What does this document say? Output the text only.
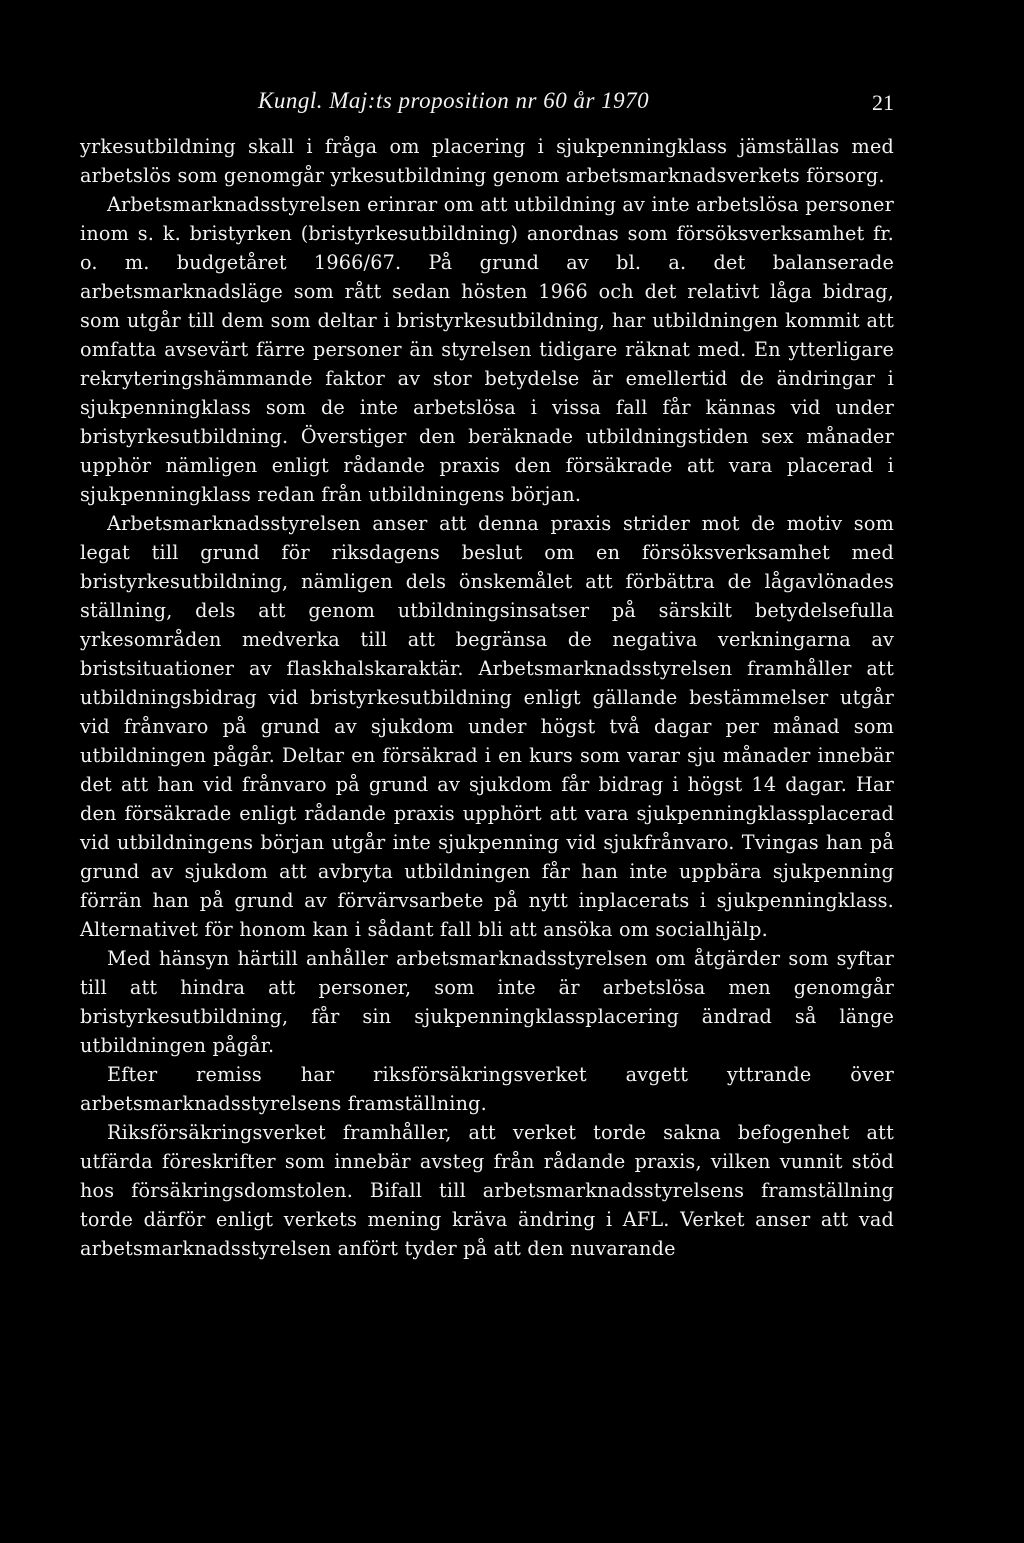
Kungl. Maj:ts proposition nr 60 år 1970	21

yrkesutbildning skall i fråga om placering i sjukpenningklass jämställas med arbetslös som genomgår yrkesutbildning genom arbetsmarknadsverkets försorg.

Arbetsmarknadsstyrelsen erinrar om att utbildning av inte arbetslösa personer inom s. k. bristyrken (bristyrkesutbildning) anordnas som försöksverksamhet fr. o. m. budgetåret 1966/67. På grund av bl. a. det balanserade arbetsmarknadsläge som rått sedan hösten 1966 och det relativt låga bidrag, som utgår till dem som deltar i bristyrkesutbildning, har utbildningen kommit att omfatta avsevärt färre personer än styrelsen tidigare räknat med. En ytterligare rekryteringshämmande faktor av stor betydelse är emellertid de ändringar i sjukpenningklass som de inte arbetslösa i vissa fall får kännas vid under bristyrkesutbildning. Överstiger den beräknade utbildningstiden sex månader upphör nämligen enligt rådande praxis den försäkrade att vara placerad i sjukpenningklass redan från utbildningens början.

Arbetsmarknadsstyrelsen anser att denna praxis strider mot de motiv som legat till grund för riksdagens beslut om en försöksverksamhet med bristyrkesutbildning, nämligen dels önskemålet att förbättra de lågavlönades ställning, dels att genom utbildningsinsatser på särskilt betydelsefulla yrkesområden medverka till att begränsa de negativa verkningarna av bristsituationer av flaskhalskaraktär. Arbetsmarknadsstyrelsen framhåller att utbildningsbidrag vid bristyrkesutbildning enligt gällande bestämmelser utgår vid frånvaro på grund av sjukdom under högst två dagar per månad som utbildningen pågår. Deltar en försäkrad i en kurs som varar sju månader innebär det att han vid frånvaro på grund av sjukdom får bidrag i högst 14 dagar. Har den försäkrade enligt rådande praxis upphört att vara sjukpenningklassplacerad vid utbildningens början utgår inte sjukpenning vid sjukfrånvaro. Tvingas han på grund av sjukdom att avbryta utbildningen får han inte uppbära sjukpenning förrän han på grund av förvärvsarbete på nytt inplacerats i sjukpenningklass. Alternativet för honom kan i sådant fall bli att ansöka om socialhjälp.

Med hänsyn härtill anhåller arbetsmarknadsstyrelsen om åtgärder som syftar till att hindra att personer, som inte är arbetslösa men genomgår bristyrkesutbildning, får sin sjukpenningklassplacering ändrad så länge utbildningen pågår.

Efter remiss har riksförsäkringsverket avgett yttrande över arbetsmarknadsstyrelsens framställning.

Riksförsäkringsverket framhåller, att verket torde sakna befogenhet att utfärda föreskrifter som innebär avsteg från rådande praxis, vilken vunnit stöd hos försäkringsdomstolen. Bifall till arbetsmarknadsstyrelsens framställning torde därför enligt verkets mening kräva ändring i AFL. Verket anser att vad arbetsmarknadsstyrelsen anfört tyder på att den nuvarande
